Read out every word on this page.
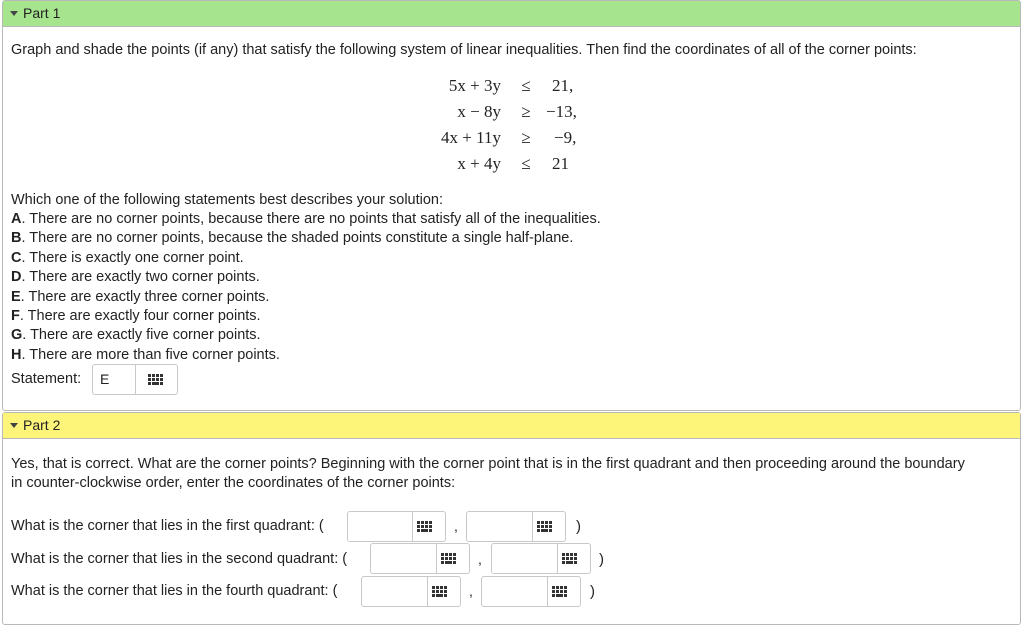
Part 1
Graph and shade the points (if any) that satisfy the following system of linear inequalities. Then find the coordinates of all of the corner points:
5x + 3y	≤	21,
x − 8y	≥ −13,
4x + 11y	≥	−9,
x + 4y	≤	21
Which one of the following statements best describes your solution:
A. There are no corner points, because there are no points that satisfy all of the inequalities.
B. There are no corner points, because the shaded points constitute a single half-plane.
C. There is exactly one corner point.
D. There are exactly two corner points.
E. There are exactly three corner points.
F. There are exactly four corner points.
G. There are exactly five corner points.
H. There are more than five corner points.
Statement:	E
Part 2
Yes, that is correct. What are the corner points? Beginning with the corner point that is in the first quadrant and then proceeding around the boundary
in counter-clockwise order, enter the coordinates of the corner points:
What is the corner that lies in the first quadrant: (	,	)
What is the corner that lies in the second quadrant: (	,	)
What is the corner that lies in the fourth quadrant: (	,	)
